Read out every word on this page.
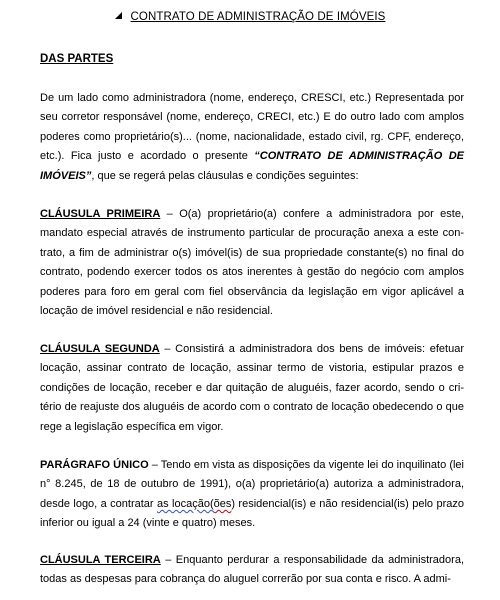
CONTRATO DE ADMINISTRAÇÃO DE IMÓVEIS
DAS PARTES
De um lado como administradora (nome, endereço, CRESCI, etc.) Representada por seu corretor responsável (nome, endereço, CRECI, etc.) E do outro lado com amplos poderes como proprietário(s)... (nome, nacionalidade, estado civil, rg. CPF, endereço, etc.). Fica justo e acordado o presente “CONTRATO DE ADMINISTRAÇÃO DE IMÓVEIS”, que se regerá pelas cláusulas e condições seguintes:
CLÁUSULA PRIMEIRA – O(a) proprietário(a) confere a administradora por este, mandato especial através de instrumento particular de procuração anexa a este contrato, a fim de administrar o(s) imóvel(is) de sua propriedade constante(s) no final do contrato, podendo exercer todos os atos inerentes à gestão do negócio com amplos poderes para foro em geral com fiel observância da legislação em vigor aplicável a locação de imóvel residencial e não residencial.
CLÁUSULA SEGUNDA – Consistirá a administradora dos bens de imóveis: efetuar locação, assinar contrato de locação, assinar termo de vistoria, estipular prazos e condições de locação, receber e dar quitação de aluguéis, fazer acordo, sendo o critério de reajuste dos aluguéis de acordo com o contrato de locação obedecendo o que rege a legislação específica em vigor.
PARÁGRAFO ÚNICO – Tendo em vista as disposições da vigente lei do inquilinato (lei n° 8.245, de 18 de outubro de 1991), o(a) proprietário(a) autoriza a administradora, desde logo, a contratar as locação(ões) residencial(is) e não residencial(is) pelo prazo inferior ou igual a 24 (vinte e quatro) meses.
CLÁUSULA TERCEIRA – Enquanto perdurar a responsabilidade da administradora, todas as despesas para cobrança do aluguel correrão por sua conta e risco. A admi-
